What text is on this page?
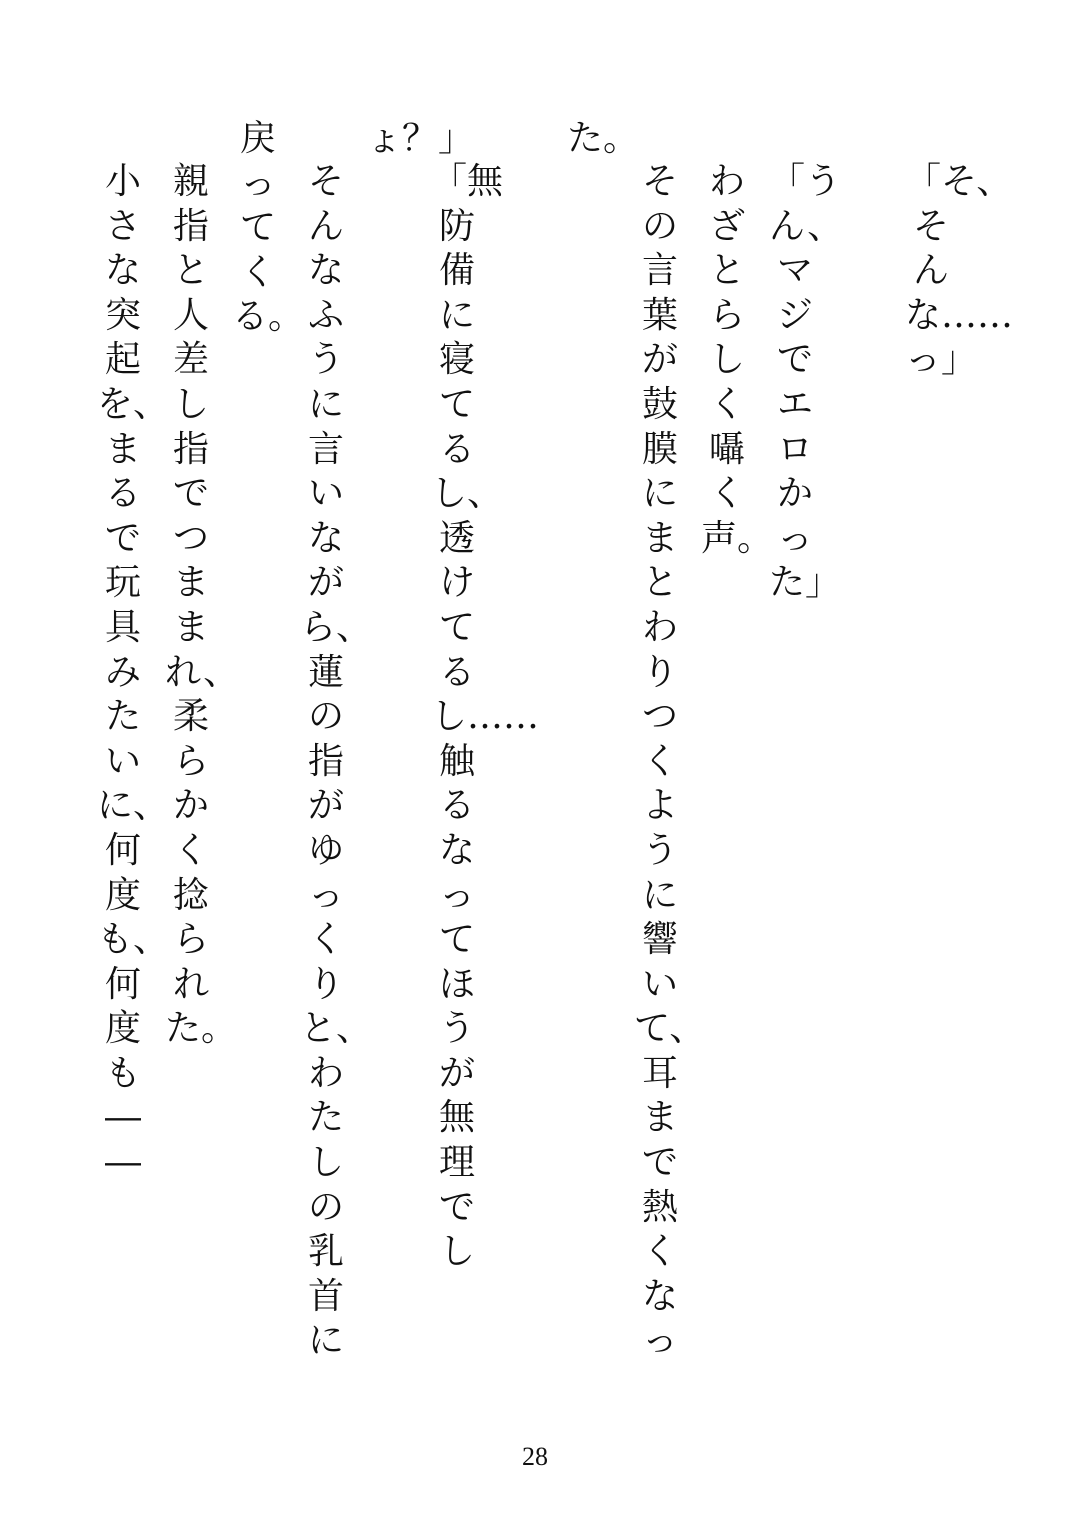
「そ、そんな……っ」
「うん、マジでエロかった」
わざとらしく囁く声。
その言葉が鼓膜にまとわりつくように響いて、耳まで熱くなっ
た。
「無防備に寝てるし、透けてるし……触るなってほうが無理でし
ょ？」
そんなふうに言いながら、蓮の指がゆっくりと、わたしの乳首に
戻ってくる。
親指と人差し指でつままれ、柔らかく捻られた。
小さな突起を、まるで玩具みたいに、何度も、何度も――
28
